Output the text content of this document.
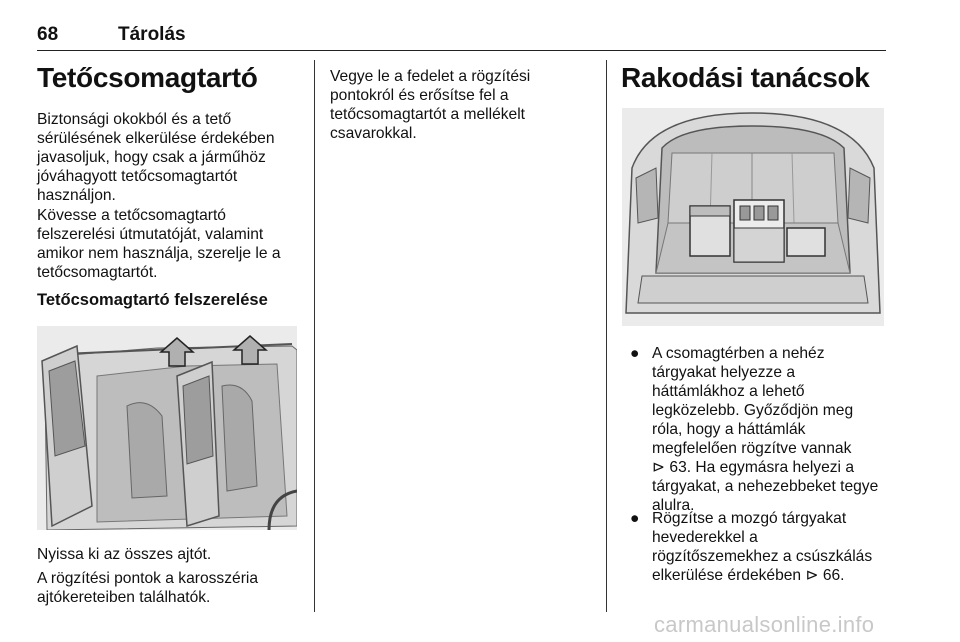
68	Tárolás
Tetőcsomagtartó
Biztonsági okokból és a tető
sérülésének elkerülése érdekében
javasoljuk, hogy csak a járműhöz
jóváhagyott tetőcsomagtartót
használjon.
Kövesse a tetőcsomagtartó
felszerelési útmutatóját, valamint
amikor nem használja, szerelje le a
tetőcsomagtartót.
Tetőcsomagtartó felszerelése
Nyissa ki az összes ajtót.
A rögzítési pontok a karosszéria
ajtókereteiben találhatók.
Vegye le a fedelet a rögzítési
pontokról és erősítse fel a
tetőcsomagtartót a mellékelt
csavarokkal.
Rakodási tanácsok
● A csomagtérben a nehéz
tárgyakat helyezze a
háttámlákhoz a lehető
legközelebb. Győződjön meg
róla, hogy a háttámlák
megfelelően rögzítve vannak
⊳ 63. Ha egymásra helyezi a
tárgyakat, a nehezebbeket tegye
alulra.
● Rögzítse a mozgó tárgyakat
hevederekkel a
rögzítőszemekhez a csúszkálás
elkerülése érdekében ⊳ 66.
carmanualsonline.info
